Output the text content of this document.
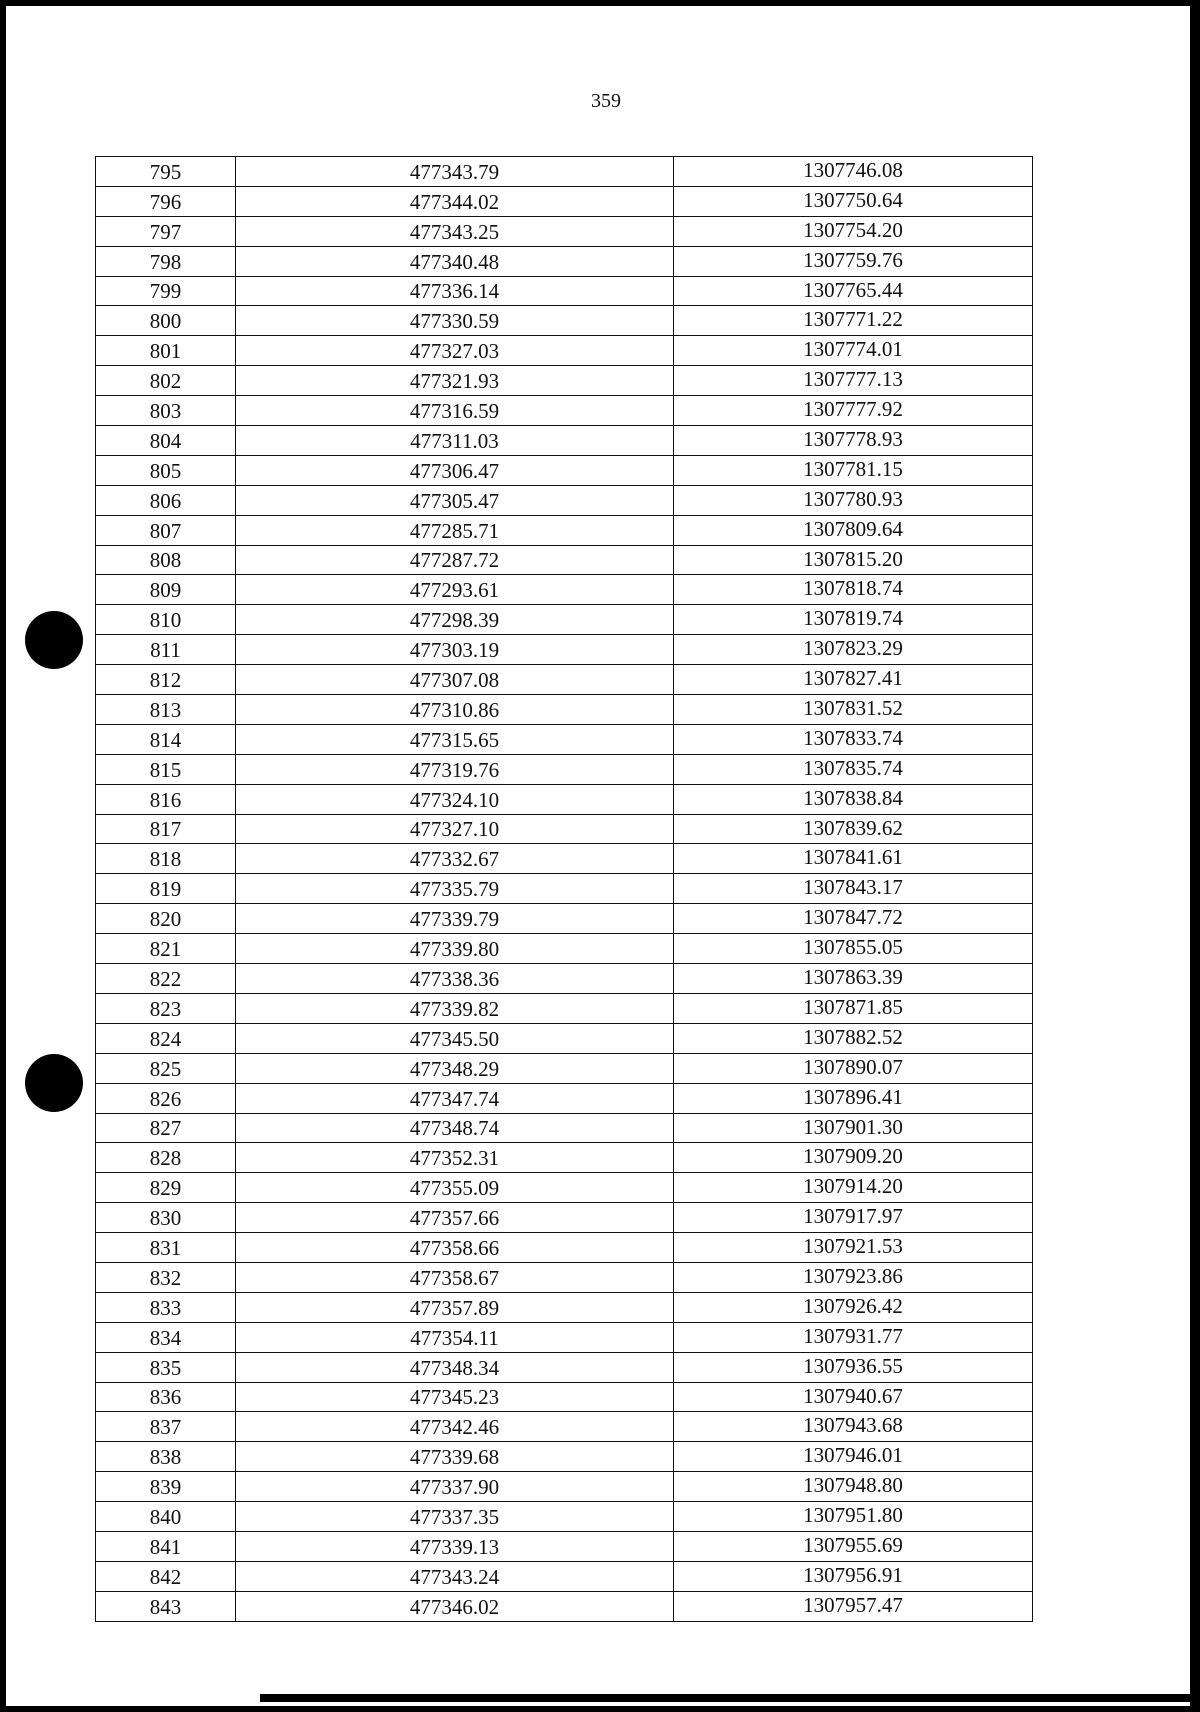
359
795	477343.79	1307746.08
796	477344.02	1307750.64
797	477343.25	1307754.20
798	477340.48	1307759.76
799	477336.14	1307765.44
800	477330.59	1307771.22
801	477327.03	1307774.01
802	477321.93	1307777.13
803	477316.59	1307777.92
804	477311.03	1307778.93
805	477306.47	1307781.15
806	477305.47	1307780.93
807	477285.71	1307809.64
808	477287.72	1307815.20
809	477293.61	1307818.74
810	477298.39	1307819.74
811	477303.19	1307823.29
812	477307.08	1307827.41
813	477310.86	1307831.52
814	477315.65	1307833.74
815	477319.76	1307835.74
816	477324.10	1307838.84
817	477327.10	1307839.62
818	477332.67	1307841.61
819	477335.79	1307843.17
820	477339.79	1307847.72
821	477339.80	1307855.05
822	477338.36	1307863.39
823	477339.82	1307871.85
824	477345.50	1307882.52
825	477348.29	1307890.07
826	477347.74	1307896.41
827	477348.74	1307901.30
828	477352.31	1307909.20
829	477355.09	1307914.20
830	477357.66	1307917.97
831	477358.66	1307921.53
832	477358.67	1307923.86
833	477357.89	1307926.42
834	477354.11	1307931.77
835	477348.34	1307936.55
836	477345.23	1307940.67
837	477342.46	1307943.68
838	477339.68	1307946.01
839	477337.90	1307948.80
840	477337.35	1307951.80
841	477339.13	1307955.69
842	477343.24	1307956.91
843	477346.02	1307957.47
